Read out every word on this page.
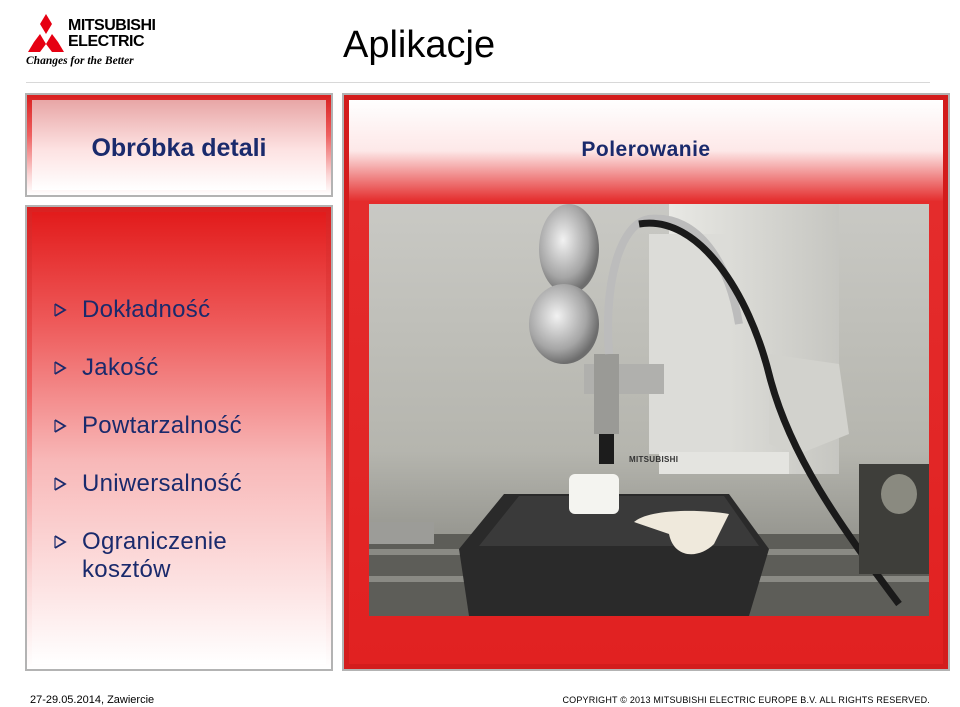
MITSUBISHI
ELECTRIC
Changes for the Better	Aplikacje
Obróbka detali	Polerowanie
Dokładność
Jakość
Powtarzalność
Uniwersalność
Ograniczenie kosztów
MITSUBISHI
27-29.05.2014, Zawiercie	COPYRIGHT © 2013 MITSUBISHI ELECTRIC EUROPE B.V. ALL RIGHTS RESERVED.
